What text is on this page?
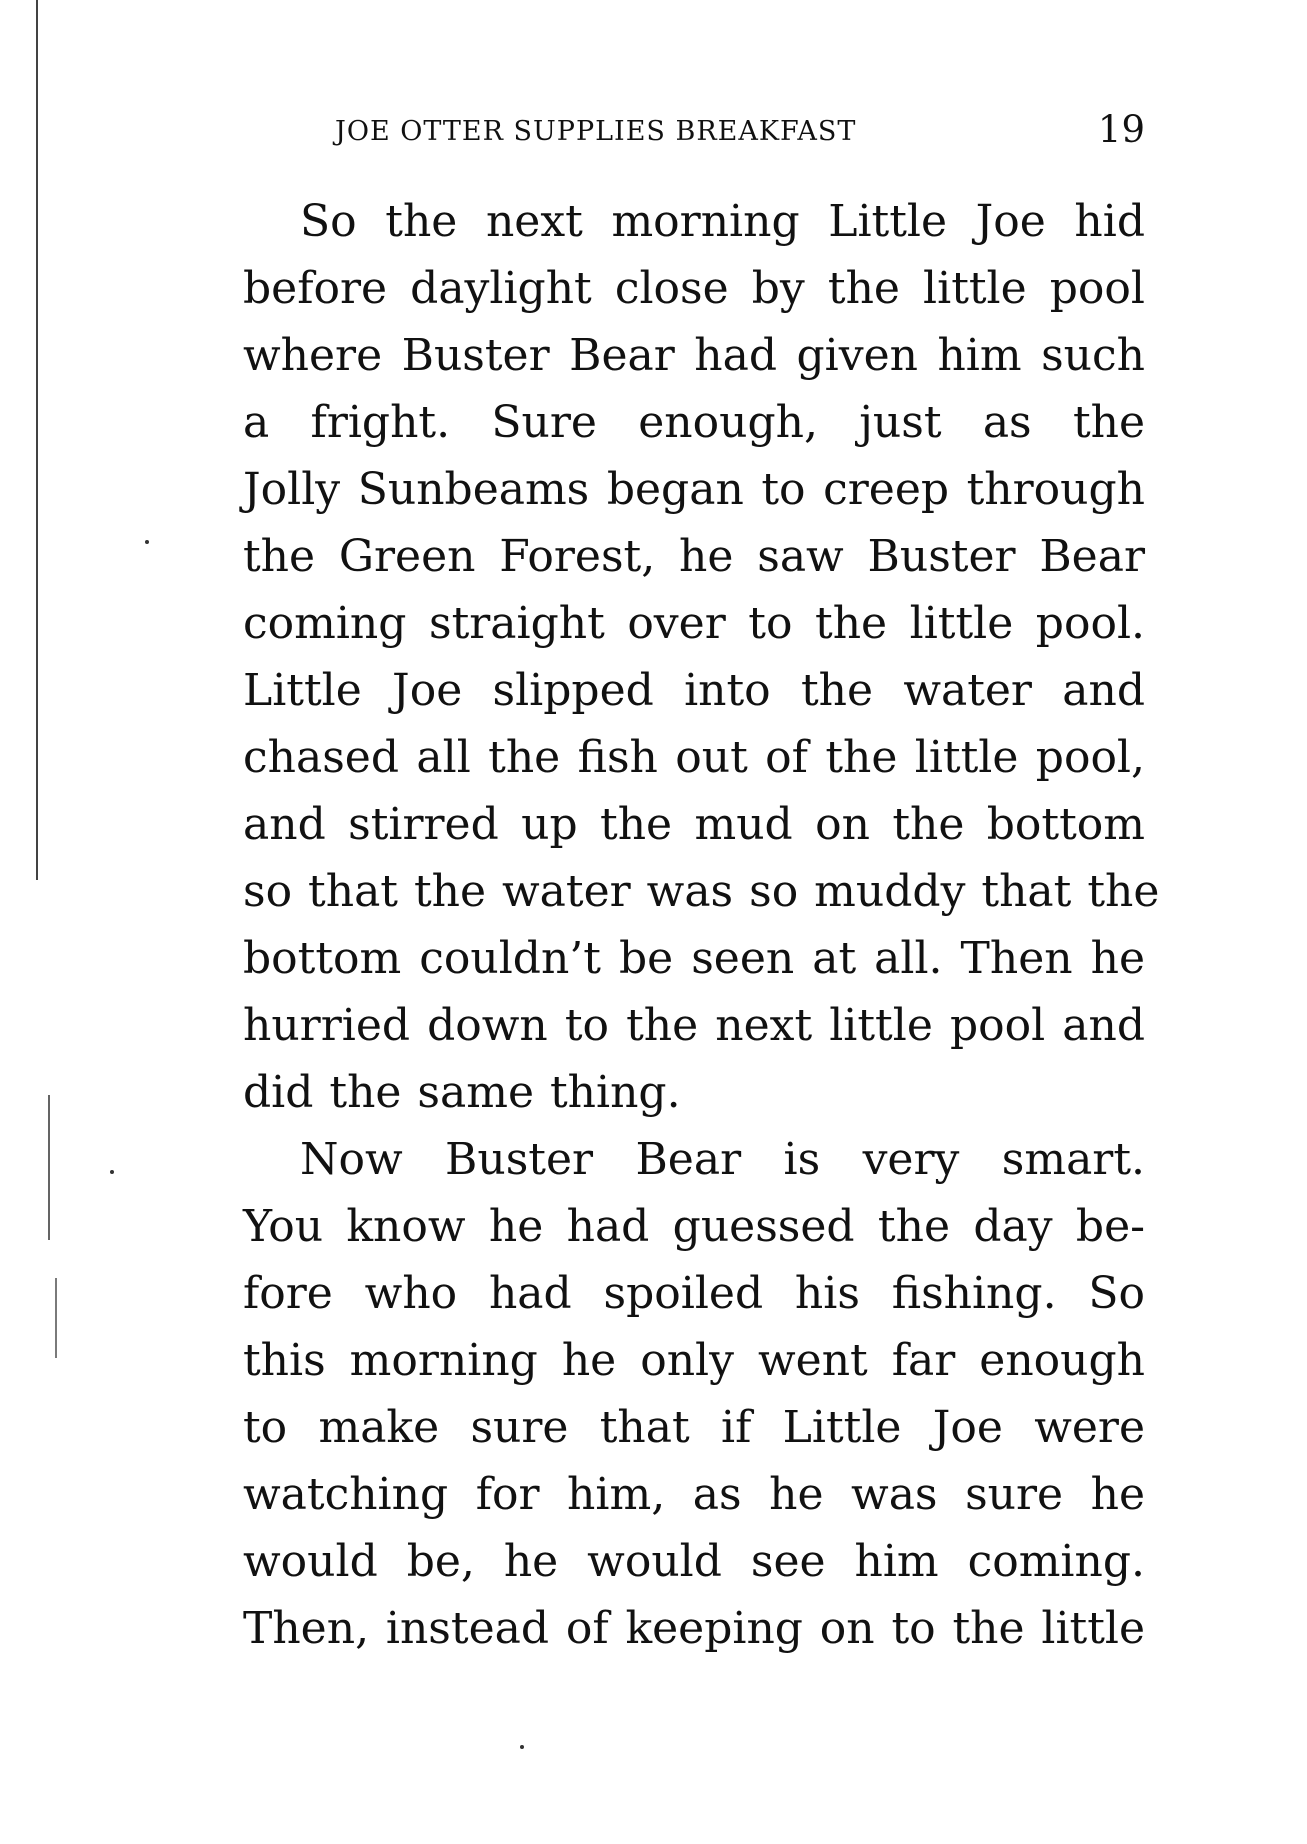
JOE OTTER SUPPLIES BREAKFAST	19
So the next morning Little Joe hid
before daylight close by the little pool
where Buster Bear had given him such
a fright. Sure enough, just as the
Jolly Sunbeams began to creep through
the Green Forest, he saw Buster Bear
coming straight over to the little pool.
Little Joe slipped into the water and
chased all the fish out of the little pool,
and stirred up the mud on the bottom
so that the water was so muddy that the
bottom couldn’t be seen at all. Then he
hurried down to the next little pool and
did the same thing.
Now Buster Bear is very smart.
You know he had guessed the day be-
fore who had spoiled his fishing. So
this morning he only went far enough
to make sure that if Little Joe were
watching for him, as he was sure he
would be, he would see him coming.
Then, instead of keeping on to the little
